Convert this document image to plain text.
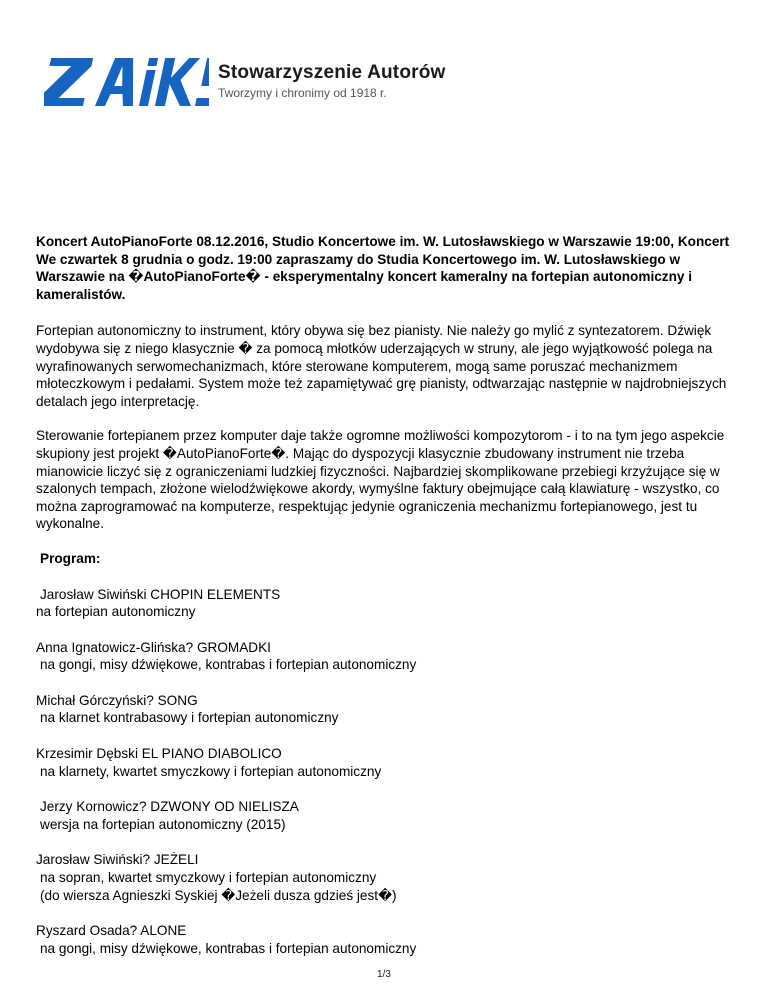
Stowarzyszenie Autorów
Tworzymy i chronimy od 1918 r.

Koncert AutoPianoForte 08.12.2016, Studio Koncertowe im. W. Lutosławskiego w Warszawie 19:00, Koncert We czwartek 8 grudnia o godz. 19:00 zapraszamy do Studia Koncertowego im. W. Lutosławskiego w Warszawie na �AutoPianoForte� - eksperymentalny koncert kameralny na fortepian autonomiczny i kameralistów.

Fortepian autonomiczny to instrument, który obywa się bez pianisty. Nie należy go mylić z syntezatorem. Dźwięk wydobywa się z niego klasycznie � za pomocą młotków uderzających w struny, ale jego wyjątkowość polega na wyrafinowanych serwomechanizmach, które sterowane komputerem, mogą same poruszać mechanizmem młoteczkowym i pedałami. System może też zapamiętywać grę pianisty, odtwarzając następnie w najdrobniejszych detalach jego interpretację.

Sterowanie fortepianem przez komputer daje także ogromne możliwości kompozytorom - i to na tym jego aspekcie skupiony jest projekt �AutoPianoForte�. Mając do dyspozycji klasycznie zbudowany instrument nie trzeba mianowicie liczyć się z ograniczeniami ludzkiej fizyczności. Najbardziej skomplikowane przebiegi krzyżujące się w szalonych tempach, złożone wielodźwiękowe akordy, wymyślne faktury obejmujące całą klawiaturę - wszystko, co można zaprogramować na komputerze, respektując jedynie ograniczenia mechanizmu fortepianowego, jest tu wykonalne.

Program:
Jarosław Siwiński CHOPIN ELEMENTS
na fortepian autonomiczny
Anna Ignatowicz-Glińska? GROMADKI
na gongi, misy dźwiękowe, kontrabas i fortepian autonomiczny
Michał Górczyński? SONG
na klarnet kontrabasowy i fortepian autonomiczny
Krzesimir Dębski EL PIANO DIABOLICO
na klarnety, kwartet smyczkowy i fortepian autonomiczny
Jerzy Kornowicz? DZWONY OD NIELISZA
wersja na fortepian autonomiczny (2015)
Jarosław Siwiński? JEŻELI
na sopran, kwartet smyczkowy i fortepian autonomiczny
(do wiersza Agnieszki Syskiej �Jeżeli dusza gdzieś jest�)
Ryszard Osada? ALONE
na gongi, misy dźwiękowe, kontrabas i fortepian autonomiczny
1/3
